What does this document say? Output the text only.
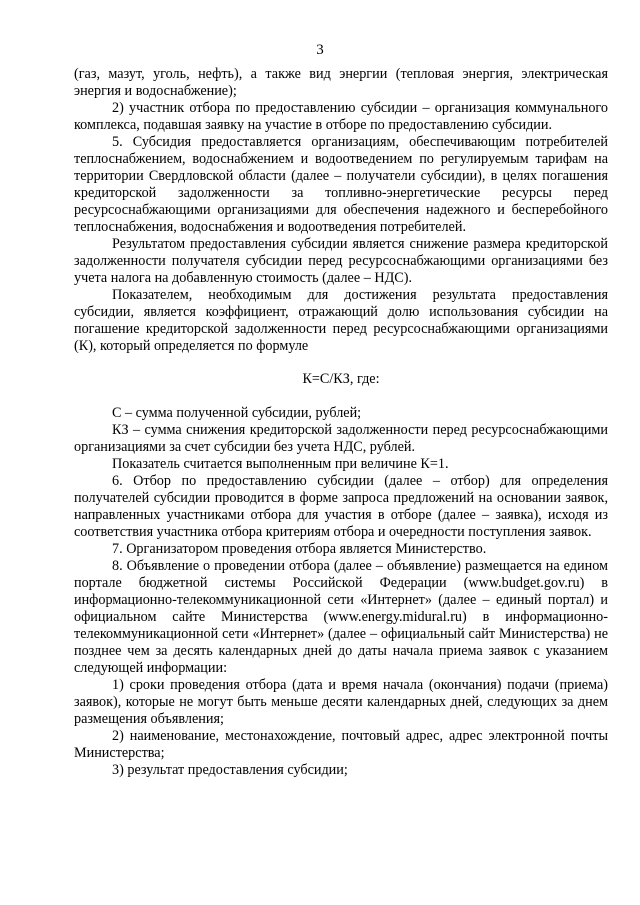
3

(газ, мазут, уголь, нефть), а также вид энергии (тепловая энергия, электрическая энергия и водоснабжение);

2) участник отбора по предоставлению субсидии – организация коммунального комплекса, подавшая заявку на участие в отборе по предоставлению субсидии.

5. Субсидия предоставляется организациям, обеспечивающим потребителей теплоснабжением, водоснабжением и водоотведением по регулируемым тарифам на территории Свердловской области (далее – получатели субсидии), в целях погашения кредиторской задолженности за топливно-энергетические ресурсы перед ресурсоснабжающими организациями для обеспечения надежного и бесперебойного теплоснабжения, водоснабжения и водоотведения потребителей.

Результатом предоставления субсидии является снижение размера кредиторской задолженности получателя субсидии перед ресурсоснабжающими организациями без учета налога на добавленную стоимость (далее – НДС).

Показателем, необходимым для достижения результата предоставления субсидии, является коэффициент, отражающий долю использования субсидии на погашение кредиторской задолженности перед ресурсоснабжающими организациями (К), который определяется по формуле

К=С/КЗ, где:

С – сумма полученной субсидии, рублей;

КЗ – сумма снижения кредиторской задолженности перед ресурсоснабжающими организациями за счет субсидии без учета НДС, рублей.

Показатель считается выполненным при величине К=1.

6. Отбор по предоставлению субсидии (далее – отбор) для определения получателей субсидии проводится в форме запроса предложений на основании заявок, направленных участниками отбора для участия в отборе (далее – заявка), исходя из соответствия участника отбора критериям отбора и очередности поступления заявок.

7. Организатором проведения отбора является Министерство.

8. Объявление о проведении отбора (далее – объявление) размещается на едином портале бюджетной системы Российской Федерации (www.budget.gov.ru) в информационно-телекоммуникационной сети «Интернет» (далее – единый портал) и официальном сайте Министерства (www.energy.midural.ru) в информационно-телекоммуникационной сети «Интернет» (далее – официальный сайт Министерства) не позднее чем за десять календарных дней до даты начала приема заявок с указанием следующей информации:

1) сроки проведения отбора (дата и время начала (окончания) подачи (приема) заявок), которые не могут быть меньше десяти календарных дней, следующих за днем размещения объявления;

2) наименование, местонахождение, почтовый адрес, адрес электронной почты Министерства;

3) результат предоставления субсидии;
